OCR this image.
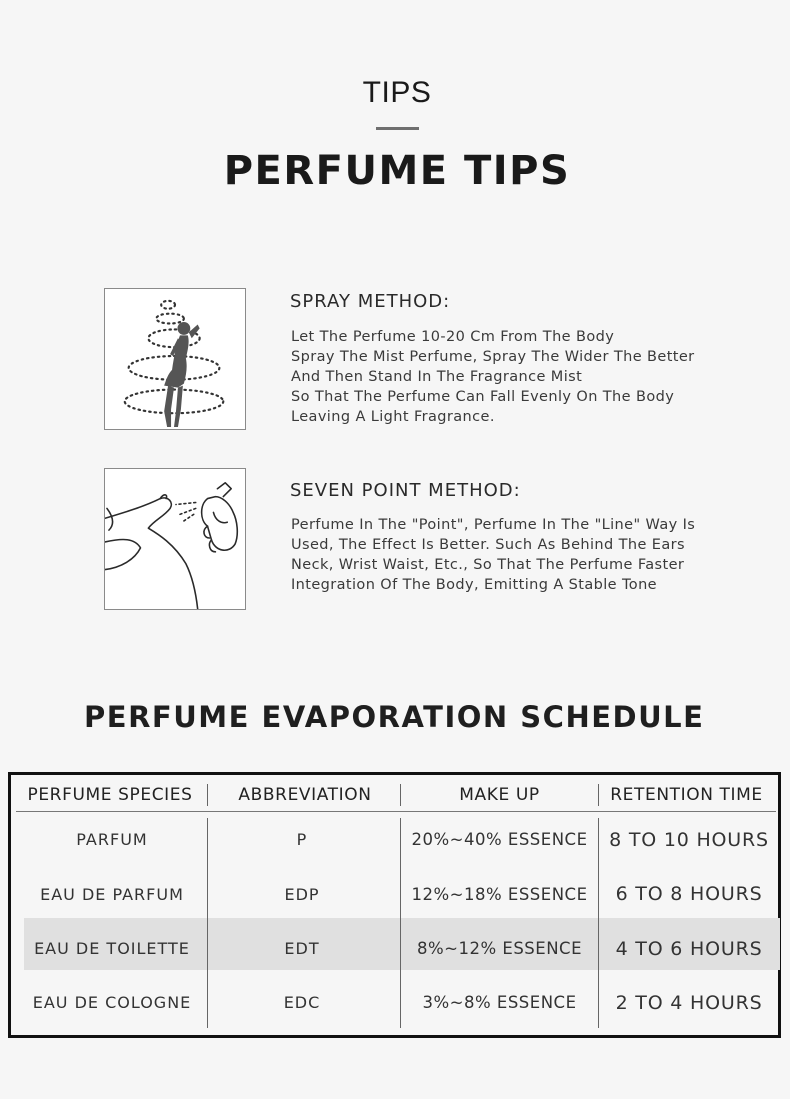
TIPS
PERFUME TIPS
SPRAY METHOD:
Let The Perfume 10-20 Cm From The Body
Spray The Mist Perfume, Spray The Wider The Better
And Then Stand In The Fragrance Mist
So That The Perfume Can Fall Evenly On The Body
Leaving A Light Fragrance.
SEVEN POINT METHOD:
Perfume In The "Point", Perfume In The "Line" Way Is
Used, The Effect Is Better. Such As Behind The Ears
Neck, Wrist Waist, Etc., So That The Perfume Faster
Integration Of The Body, Emitting A Stable Tone
PERFUME EVAPORATION SCHEDULE
PERFUME SPECIES	ABBREVIATION	MAKE UP	RETENTION TIME
PARFUM	P	20%~40% ESSENCE	8 TO 10 HOURS
EAU DE PARFUM	EDP	12%~18% ESSENCE	6 TO 8 HOURS
EAU DE TOILETTE	EDT	8%~12% ESSENCE	4 TO 6 HOURS
EAU DE COLOGNE	EDC	3%~8% ESSENCE	2 TO 4 HOURS
